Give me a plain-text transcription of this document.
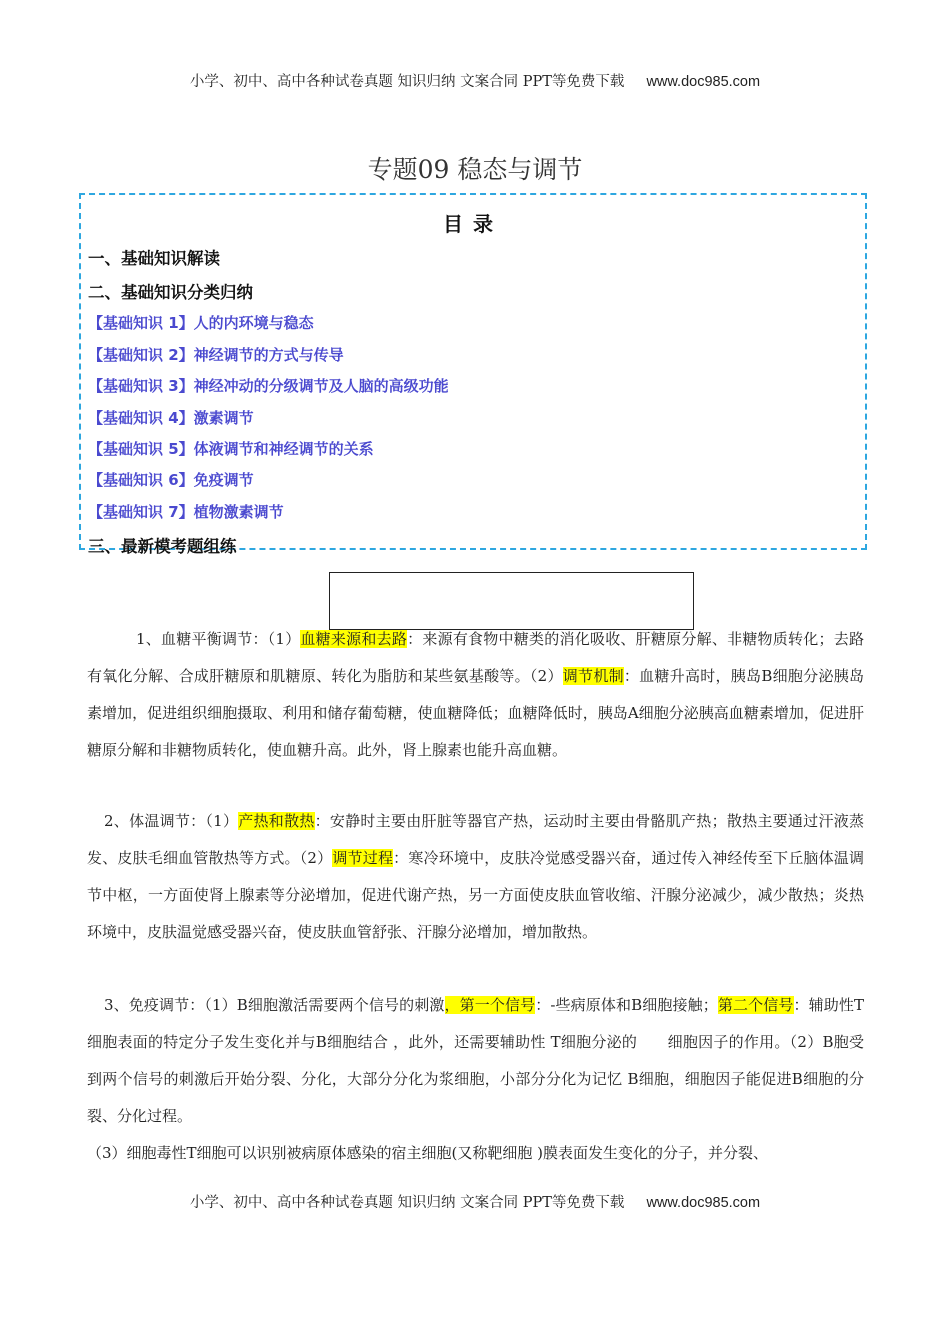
小学、初中、高中各种试卷真题 知识归纳 文案合同 PPT等免费下载 www.doc985.com
专题09 稳态与调节
目录
一、基础知识解读
二、基础知识分类归纳
【基础知识 1】人的内环境与稳态
【基础知识 2】神经调节的方式与传导
【基础知识 3】神经冲动的分级调节及人脑的高级功能
【基础知识 4】激素调节
【基础知识 5】体液调节和神经调节的关系
【基础知识 6】免疫调节
【基础知识 7】植物激素调节
三、最新模考题组练

1、血糖平衡调节：（1）血糖来源和去路：来源有食物中糖类的消化吸收、肝糖原分解、非糖物质转化；去路有氧化分解、合成肝糖原和肌糖原、转化为脂肪和某些氨基酸等。（2）调节机制：血糖升高时，胰岛B细胞分泌胰岛素增加，促进组织细胞摄取、利用和储存葡萄糖，使血糖降低；血糖降低时，胰岛A细胞分泌胰高血糖素增加，促进肝糖原分解和非糖物质转化，使血糖升高。此外，肾上腺素也能升高血糖。

2、体温调节：（1）产热和散热：安静时主要由肝脏等器官产热，运动时主要由骨骼肌产热；散热主要通过汗液蒸发、皮肤毛细血管散热等方式。（2）调节过程：寒冷环境中，皮肤冷觉感受器兴奋，通过传入神经传至下丘脑体温调节中枢，一方面使肾上腺素等分泌增加，促进代谢产热，另一方面使皮肤血管收缩、汗腺分泌减少，减少散热；炎热环境中，皮肤温觉感受器兴奋，使皮肤血管舒张、汗腺分泌增加，增加散热。

3、免疫调节：（1）B细胞激活需要两个信号的刺激，第一个信号：-些病原体和B细胞接触；第二个信号：辅助性T细胞表面的特定分子发生变化并与B细胞结合 ，此外，还需要辅助性 T细胞分泌的　　细胞因子的作用。（2）B胞受到两个信号的刺激后开始分裂、分化，大部分分化为浆细胞，小部分分化为记忆 B细胞，细胞因子能促进B细胞的分裂、分化过程。

（3）细胞毒性T细胞可以识别被病原体感染的宿主细胞(又称靶细胞 )膜表面发生变化的分子，并分裂、

小学、初中、高中各种试卷真题 知识归纳 文案合同 PPT等免费下载 www.doc985.com
